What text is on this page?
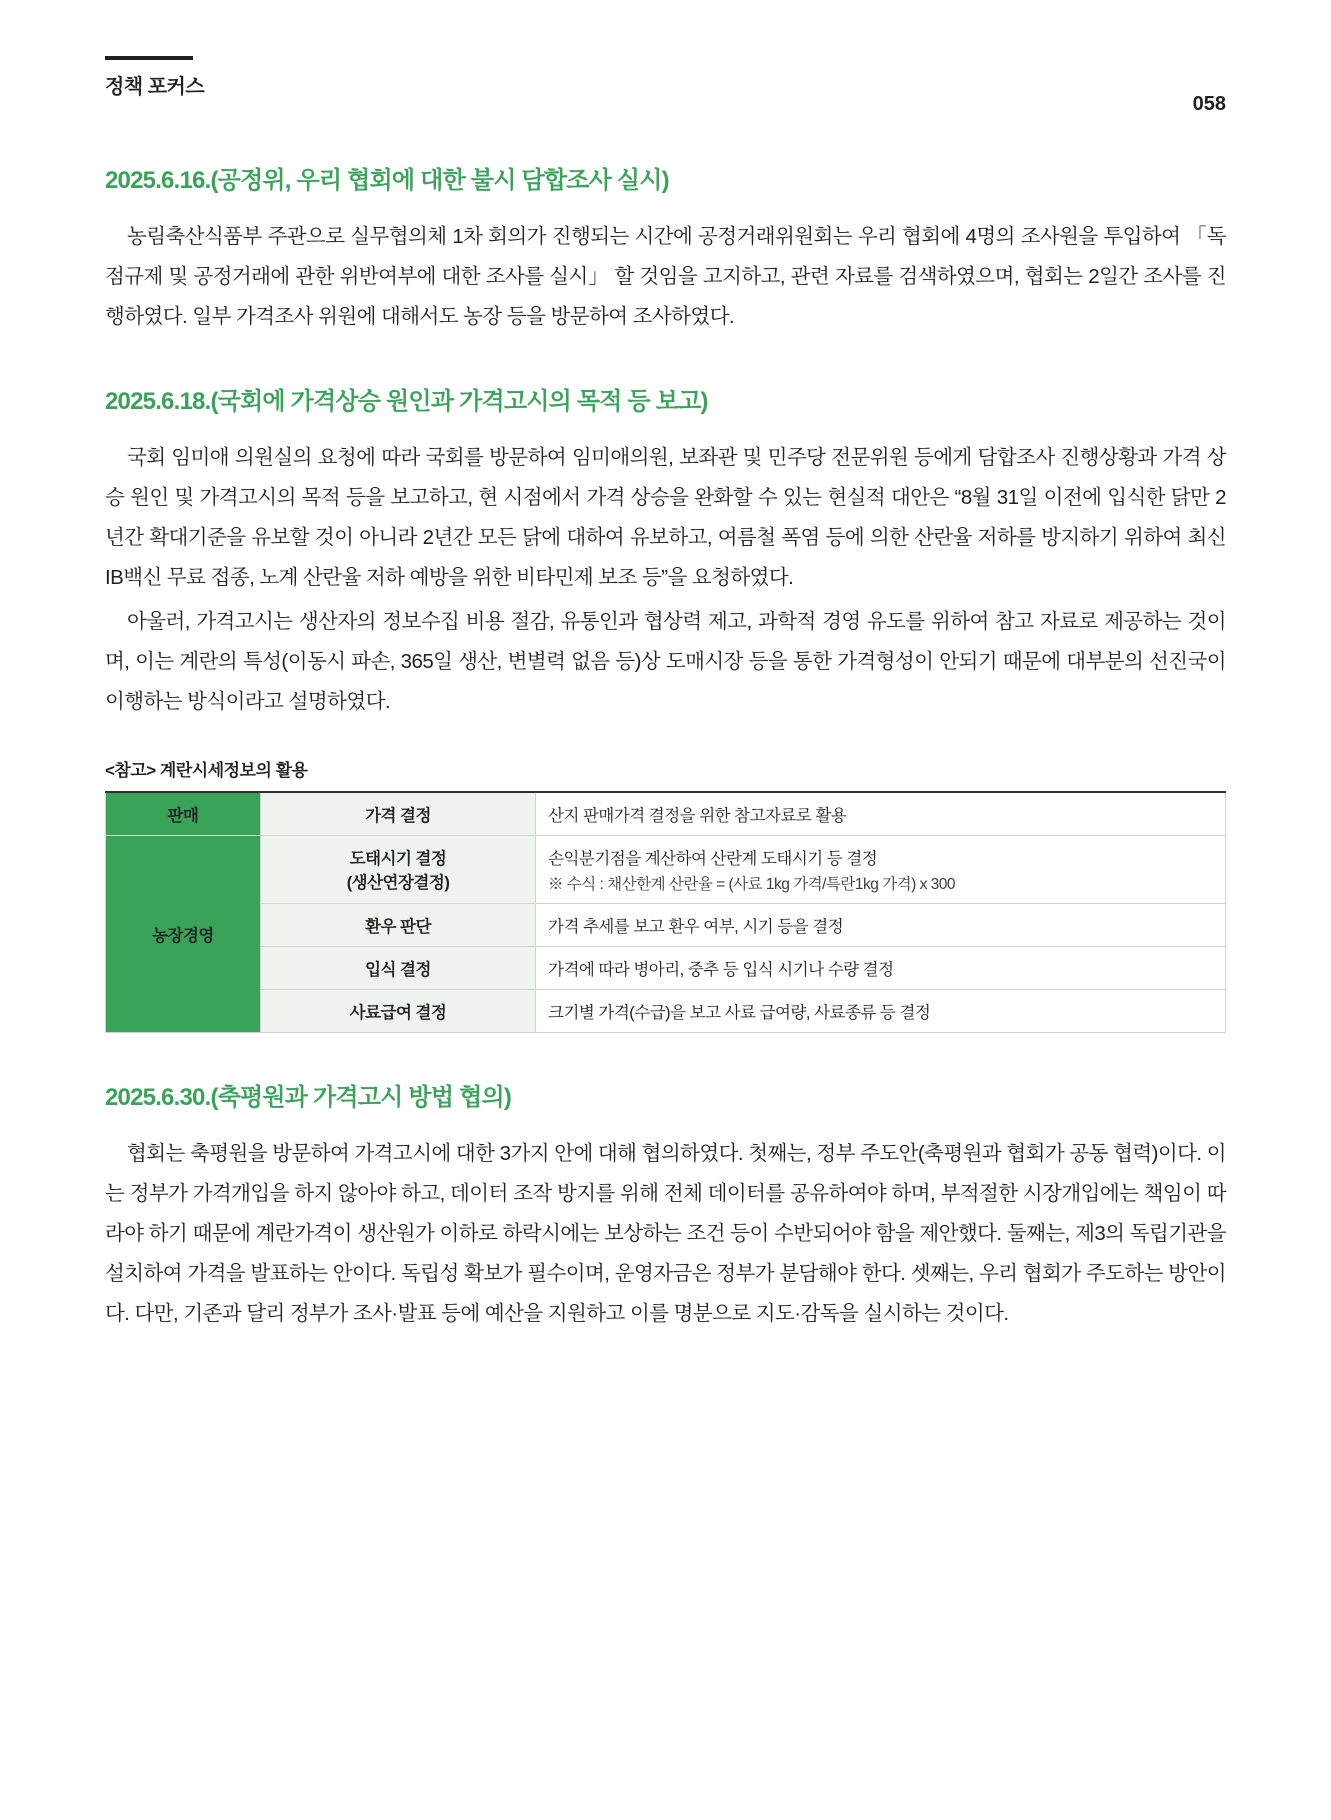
정책 포커스
058
2025.6.16.(공정위, 우리 협회에 대한 불시 담합조사 실시)

농림축산식품부 주관으로 실무협의체 1차 회의가 진행되는 시간에 공정거래위원회는 우리 협회에 4명의 조사원을 투입하여 「독점규제 및 공정거래에 관한 위반여부에 대한 조사를 실시」 할 것임을 고지하고, 관련 자료를 검색하였으며, 협회는 2일간 조사를 진행하였다. 일부 가격조사 위원에 대해서도 농장 등을 방문하여 조사하였다.

2025.6.18.(국회에 가격상승 원인과 가격고시의 목적 등 보고)

국회 임미애 의원실의 요청에 따라 국회를 방문하여 임미애의원, 보좌관 및 민주당 전문위원 등에게 담합조사 진행상황과 가격 상승 원인 및 가격고시의 목적 등을 보고하고, 현 시점에서 가격 상승을 완화할 수 있는 현실적 대안은 “8월 31일 이전에 입식한 닭만 2년간 확대기준을 유보할 것이 아니라 2년간 모든 닭에 대하여 유보하고, 여름철 폭염 등에 의한 산란율 저하를 방지하기 위하여 최신 IB백신 무료 접종, 노계 산란율 저하 예방을 위한 비타민제 보조 등”을 요청하였다.

아울러, 가격고시는 생산자의 정보수집 비용 절감, 유통인과 협상력 제고, 과학적 경영 유도를 위하여 참고 자료로 제공하는 것이며, 이는 계란의 특성(이동시 파손, 365일 생산, 변별력 없음 등)상 도매시장 등을 통한 가격형성이 안되기 때문에 대부분의 선진국이 이행하는 방식이라고 설명하였다.

<참고> 계란시세정보의 활용
판매	가격 결정	산지 판매가격 결정을 위한 참고자료로 활용

농장경영	도태시기 결정
(생산연장결정)	손익분기점을 계산하여 산란계 도태시기 등 결정
※ 수식 : 채산한계 산란율 = (사료 1kg 가격/특란1kg 가격) x 300

	환우 판단	가격 추세를 보고 환우 여부, 시기 등을 결정

	입식 결정	가격에 따라 병아리, 중추 등 입식 시기나 수량 결정

	사료급여 결정	크기별 가격(수급)을 보고 사료 급여량, 사료종류 등 결정
2025.6.30.(축평원과 가격고시 방법 협의)

협회는 축평원을 방문하여 가격고시에 대한 3가지 안에 대해 협의하였다. 첫째는, 정부 주도안(축평원과 협회가 공동 협력)이다. 이는 정부가 가격개입을 하지 않아야 하고, 데이터 조작 방지를 위해 전체 데이터를 공유하여야 하며, 부적절한 시장개입에는 책임이 따라야 하기 때문에 계란가격이 생산원가 이하로 하락시에는 보상하는 조건 등이 수반되어야 함을 제안했다. 둘째는, 제3의 독립기관을 설치하여 가격을 발표하는 안이다. 독립성 확보가 필수이며, 운영자금은 정부가 분담해야 한다. 셋째는, 우리 협회가 주도하는 방안이다. 다만, 기존과 달리 정부가 조사·발표 등에 예산을 지원하고 이를 명분으로 지도·감독을 실시하는 것이다.
